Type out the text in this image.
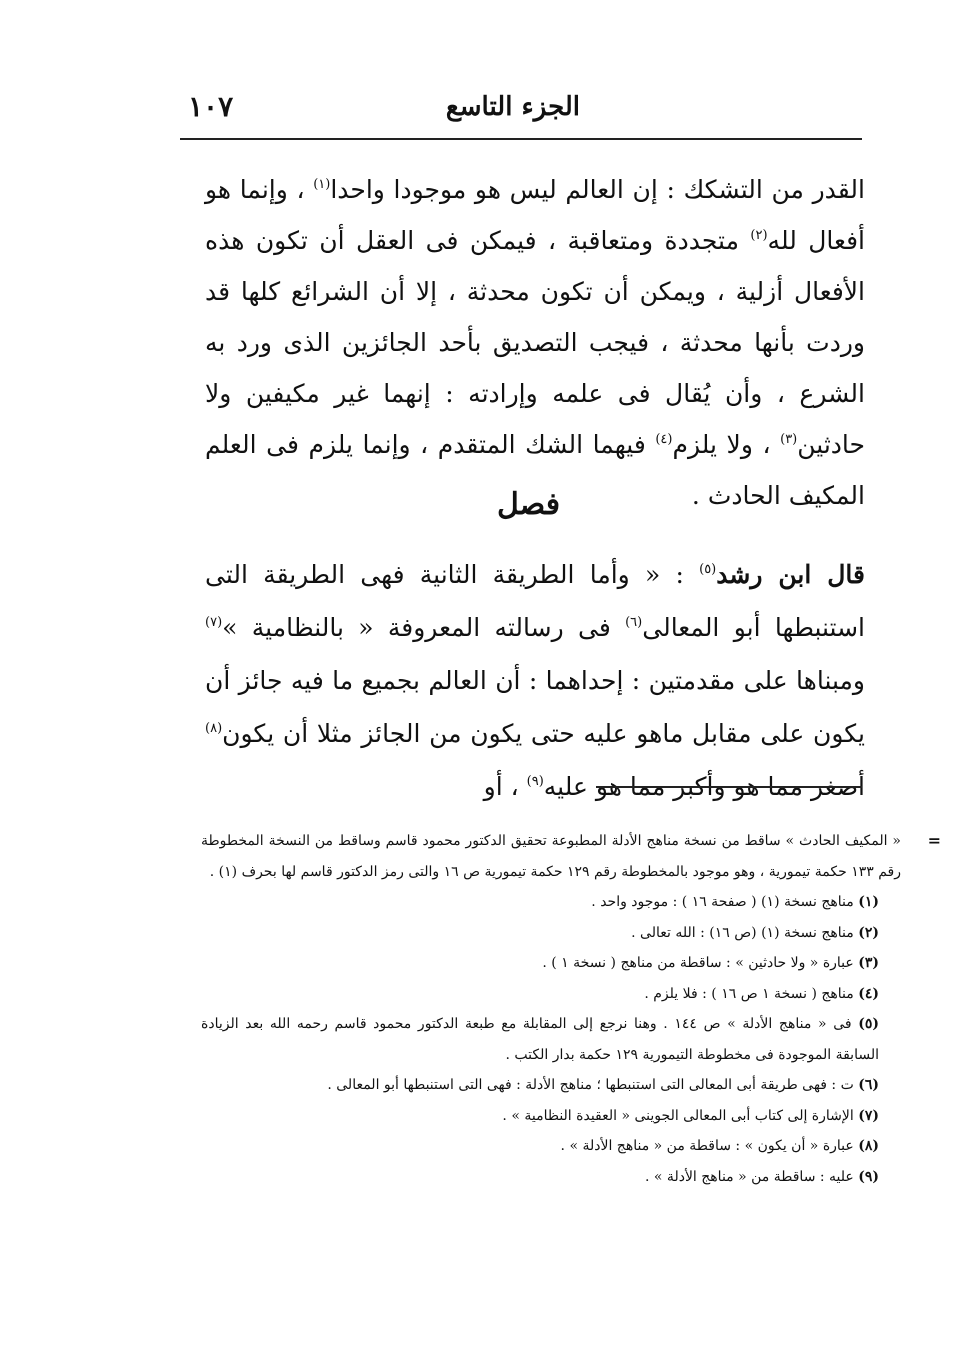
الجزء التاسع
١٠٧

القدر من التشكك : إن العالم ليس هو موجودا واحدا$^{(١)}$ ، وإنما هو أفعال لله$^{(٢)}$ متجددة ومتعاقبة ، فيمكن فى العقل أن تكون هذه الأفعال أزلية ، ويمكن أن تكون محدثة ، إلا أن الشرائع كلها قد وردت بأنها محدثة ، فيجب التصديق بأحد الجائزين الذى ورد به الشرع ، وأن يُقال فى علمه وإرادته : إنهما غير مكيفين ولا حادثين$^{(٣)}$ ، ولا يلزم$^{(٤)}$ فيهما الشك المتقدم ، وإنما يلزم فى العلم المكيف الحادث .

فصل

قال ابن رشد$^{(٥)}$ : « وأما الطريقة الثانية فهى الطريقة التى استنبطها أبو المعالى$^{(٦)}$ فى رسالته المعروفة « بالنظامية »$^{(٧)}$ ومبناها على مقدمتين : إحداهما : أن العالم بجميع ما فيه جائز أن يكون على مقابل ماهو عليه حتى يكون من الجائز مثلا أن يكون$^{(٨)}$ أصغر مما هو وأكبر مما هو عليه$^{(٩)}$ ، أو

=
« المكيف الحادث » ساقط من نسخة مناهج الأدلة المطبوعة تحقيق الدكتور محمود قاسم وساقط من النسخة المخطوطة رقم ١٣٣ حكمة تيمورية ، وهو موجود بالمخطوطة رقم ١٢٩ حكمة تيمورية ص ١٦ والتى رمز الدكتور قاسم لها بحرف (١) .

(١) مناهج نسخة (١) ( صفحة ١٦ ) : موجود واحد .

(٢) مناهج نسخة (١) (ص ١٦) : الله تعالى .

(٣) عبارة « ولا حادثين » : ساقطة من مناهج ( نسخة ١ ) .

(٤) مناهج ( نسخة ١ ص ١٦ ) : فلا يلزم .

(٥) فى « مناهج الأدلة » ص ١٤٤ . وهنا نرجع إلى المقابلة مع طبعة الدكتور محمود قاسم رحمه الله بعد الزيادة السابقة الموجودة فى مخطوطة التيمورية ١٢٩ حكمة بدار الكتب .

(٦) ت : فهى طريقة أبى المعالى التى استنبطها ؛ مناهج الأدلة : فهى التى استنبطها أبو المعالى .

(٧) الإشارة إلى كتاب أبى المعالى الجوينى « العقيدة النظامية » .

(٨) عبارة « أن يكون » : ساقطة من « مناهج الأدلة » .

(٩) عليه : ساقطة من « مناهج الأدلة » .
